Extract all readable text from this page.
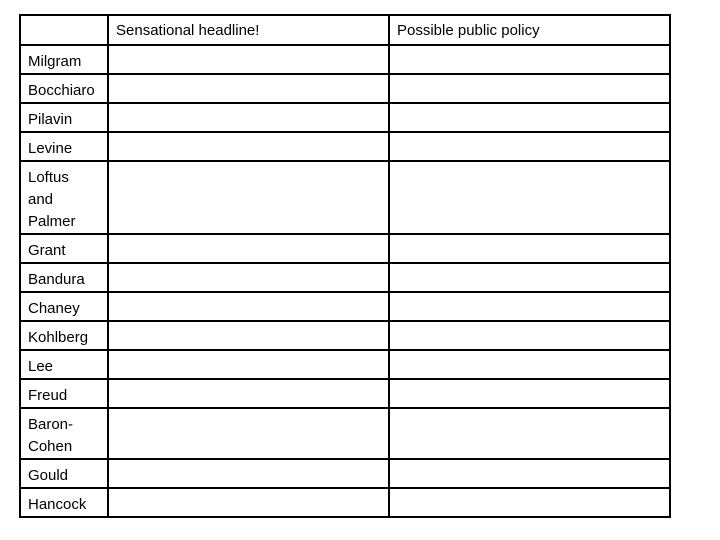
	Sensational headline!	Possible public policy
Milgram		
Bocchiaro		
Pilavin		
Levine		

Loftus
and
Palmer		

Grant		
Bandura		
Chaney		
Kohlberg		
Lee		
Freud		

Baron-
Cohen		

Gould		
Hancock		
